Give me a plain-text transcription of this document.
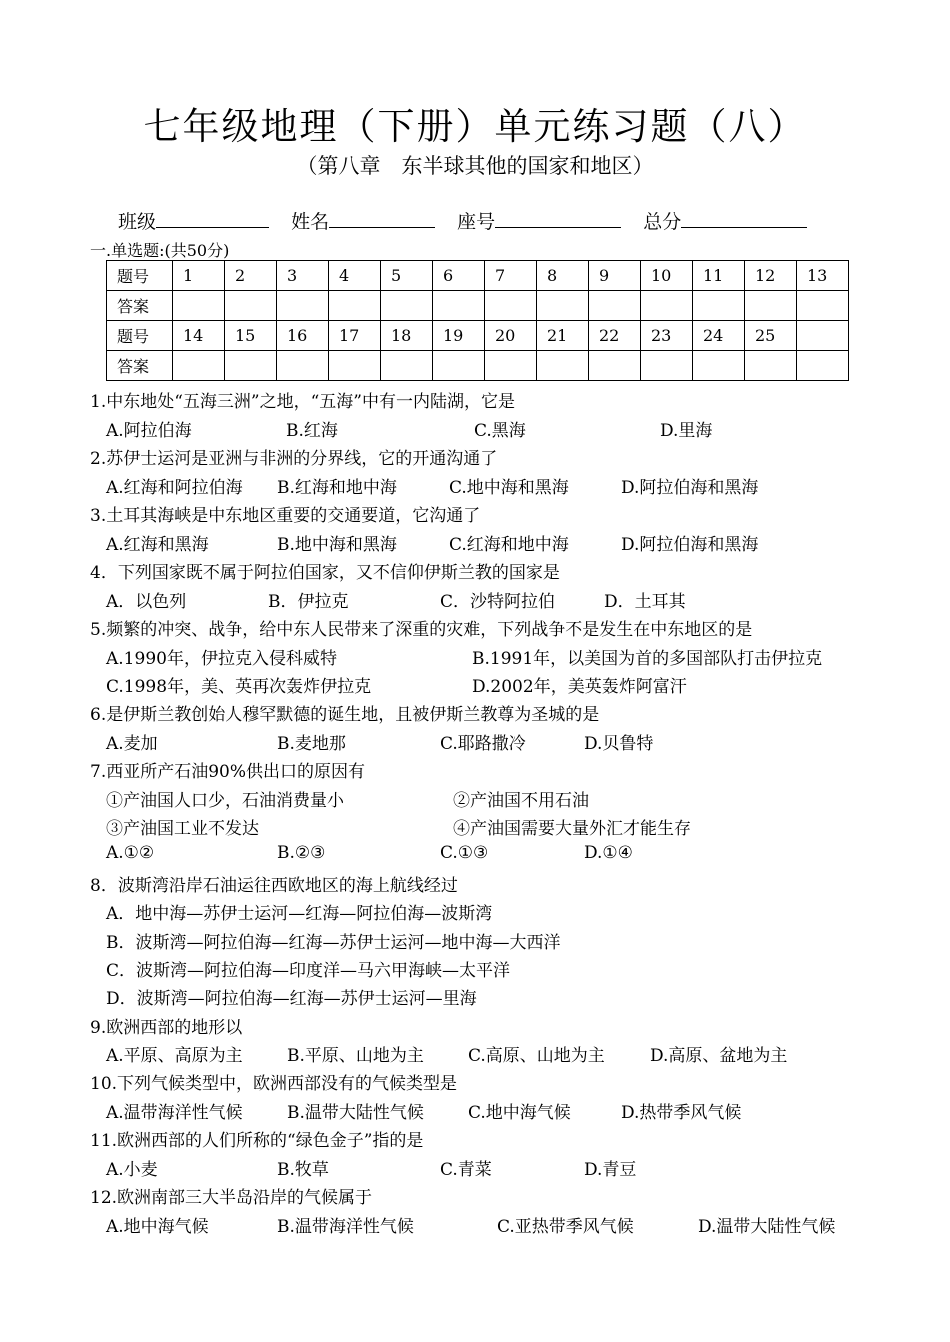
七年级地理（下册）单元练习题（八）
（第八章　东半球其他的国家和地区）
班级	姓名	座号	总分
一.单选题:(共50分)
题号	1	2	3	4	5	6	7	8	9	10	11	12	13
答案													
题号	14	15	16	17	18	19	20	21	22	23	24	25	
答案													
1.中东地处“五海三洲”之地，“五海”中有一内陆湖，它是
A.阿拉伯海	B.红海	C.黑海	D.里海
2.苏伊士运河是亚洲与非洲的分界线，它的开通沟通了
A.红海和阿拉伯海 B.红海和地中海	C.地中海和黑海	D.阿拉伯海和黑海
3.土耳其海峡是中东地区重要的交通要道，它沟通了
A.红海和黑海	B.地中海和黑海	C.红海和地中海	D.阿拉伯海和黑海
4．下列国家既不属于阿拉伯国家，又不信仰伊斯兰教的国家是
A．以色列	B．伊拉克	C．沙特阿拉伯	D．土耳其
5.频繁的冲突、战争，给中东人民带来了深重的灾难，下列战争不是发生在中东地区的是
A.1990年，伊拉克入侵科威特	B.1991年，以美国为首的多国部队打击伊拉克
C.1998年，美、英再次轰炸伊拉克	D.2002年，美英轰炸阿富汗
6.是伊斯兰教创始人穆罕默德的诞生地，且被伊斯兰教尊为圣城的是
A.麦加	B.麦地那	C.耶路撒冷	D.贝鲁特
7.西亚所产石油90%供出口的原因有
①产油国人口少，石油消费量小	②产油国不用石油
③产油国工业不发达	④产油国需要大量外汇才能生存
A.①②	B.②③	C.①③	D.①④
8．波斯湾沿岸石油运往西欧地区的海上航线经过
A．地中海—苏伊士运河—红海—阿拉伯海—波斯湾
B．波斯湾—阿拉伯海—红海—苏伊士运河—地中海—大西洋
C．波斯湾—阿拉伯海—印度洋—马六甲海峡—太平洋
D．波斯湾—阿拉伯海—红海—苏伊士运河—里海
9.欧洲西部的地形以
A.平原、高原为主	B.平原、山地为主	C.高原、山地为主	D.高原、盆地为主
10.下列气候类型中，欧洲西部没有的气候类型是
A.温带海洋性气候	B.温带大陆性气候	C.地中海气候	D.热带季风气候
11.欧洲西部的人们所称的“绿色金子”指的是
A.小麦	B.牧草	C.青菜	D.青豆
12.欧洲南部三大半岛沿岸的气候属于
A.地中海气候	B.温带海洋性气候	C.亚热带季风气候	D.温带大陆性气候
